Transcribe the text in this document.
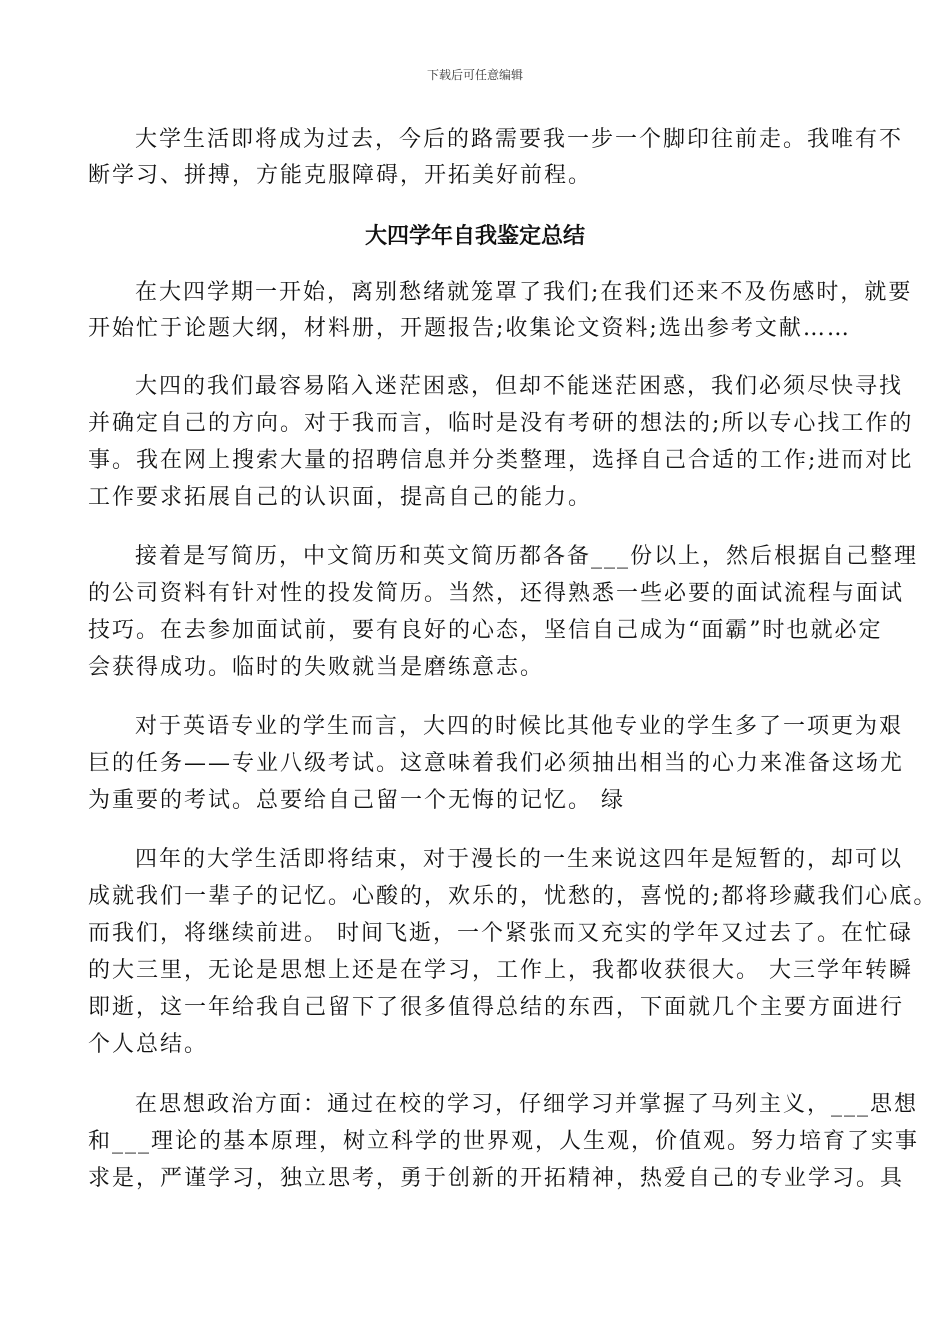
下载后可任意编辑
大学生活即将成为过去，今后的路需要我一步一个脚印往前走。我唯有不
断学习、拼搏，方能克服障碍，开拓美好前程。
大四学年自我鉴定总结
在大四学期一开始，离别愁绪就笼罩了我们;在我们还来不及伤感时，就要
开始忙于论题大纲，材料册，开题报告;收集论文资料;选出参考文献……
大四的我们最容易陷入迷茫困惑，但却不能迷茫困惑，我们必须尽快寻找
并确定自己的方向。对于我而言，临时是没有考研的想法的;所以专心找工作的
事。我在网上搜索大量的招聘信息并分类整理，选择自己合适的工作;进而对比
工作要求拓展自己的认识面，提高自己的能力。
接着是写简历，中文简历和英文简历都各备___份以上，然后根据自己整理
的公司资料有针对性的投发简历。当然，还得熟悉一些必要的面试流程与面试
技巧。在去参加面试前，要有良好的心态，坚信自己成为“面霸”时也就必定
会获得成功。临时的失败就当是磨练意志。
对于英语专业的学生而言，大四的时候比其他专业的学生多了一项更为艰
巨的任务——专业八级考试。这意味着我们必须抽出相当的心力来准备这场尤
为重要的考试。总要给自己留一个无悔的记忆。 绿
四年的大学生活即将结束，对于漫长的一生来说这四年是短暂的，却可以
成就我们一辈子的记忆。心酸的，欢乐的，忧愁的，喜悦的;都将珍藏我们心底。
而我们，将继续前进。 时间飞逝，一个紧张而又充实的学年又过去了。在忙碌
的大三里，无论是思想上还是在学习，工作上，我都收获很大。 大三学年转瞬
即逝，这一年给我自己留下了很多值得总结的东西，下面就几个主要方面进行
个人总结。
在思想政治方面：通过在校的学习，仔细学习并掌握了马列主义，___思想
和___理论的基本原理，树立科学的世界观，人生观，价值观。努力培育了实事
求是，严谨学习，独立思考，勇于创新的开拓精神，热爱自己的专业学习。具
